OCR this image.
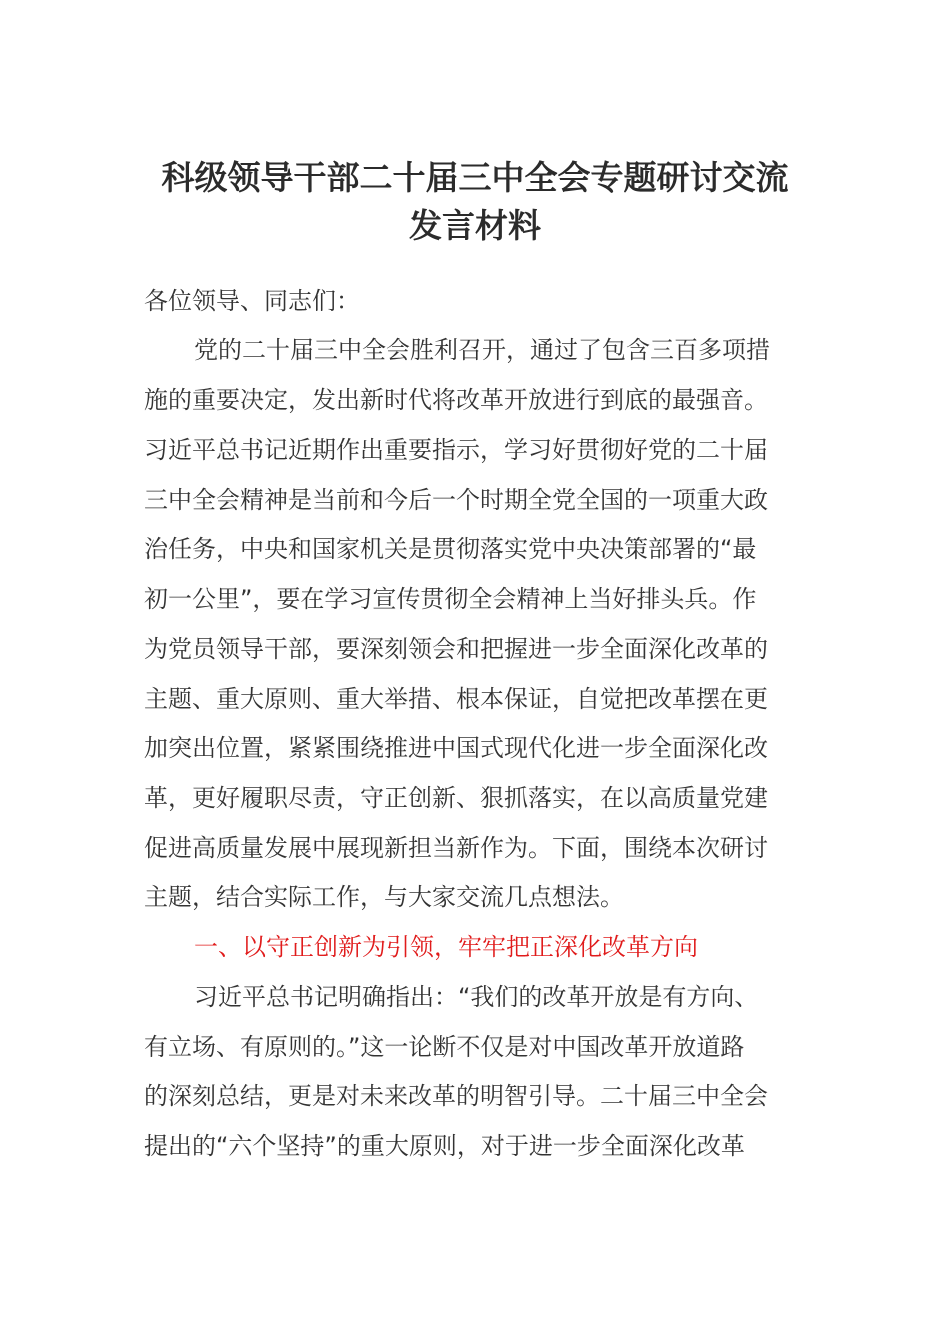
科级领导干部二十届三中全会专题研讨交流
发言材料
各位领导、同志们：
党的二十届三中全会胜利召开，通过了包含三百多项措
施的重要决定，发出新时代将改革开放进行到底的最强音。
习近平总书记近期作出重要指示，学习好贯彻好党的二十届
三中全会精神是当前和今后一个时期全党全国的一项重大政
治任务，中央和国家机关是贯彻落实党中央决策部署的“最
初一公里”，要在学习宣传贯彻全会精神上当好排头兵。作
为党员领导干部，要深刻领会和把握进一步全面深化改革的
主题、重大原则、重大举措、根本保证，自觉把改革摆在更
加突出位置，紧紧围绕推进中国式现代化进一步全面深化改
革，更好履职尽责，守正创新、狠抓落实，在以高质量党建
促进高质量发展中展现新担当新作为。下面，围绕本次研讨
主题，结合实际工作，与大家交流几点想法。
一、以守正创新为引领，牢牢把正深化改革方向
习近平总书记明确指出：“我们的改革开放是有方向、
有立场、有原则的。”这一论断不仅是对中国改革开放道路
的深刻总结，更是对未来改革的明智引导。二十届三中全会
提出的“六个坚持”的重大原则，对于进一步全面深化改革
